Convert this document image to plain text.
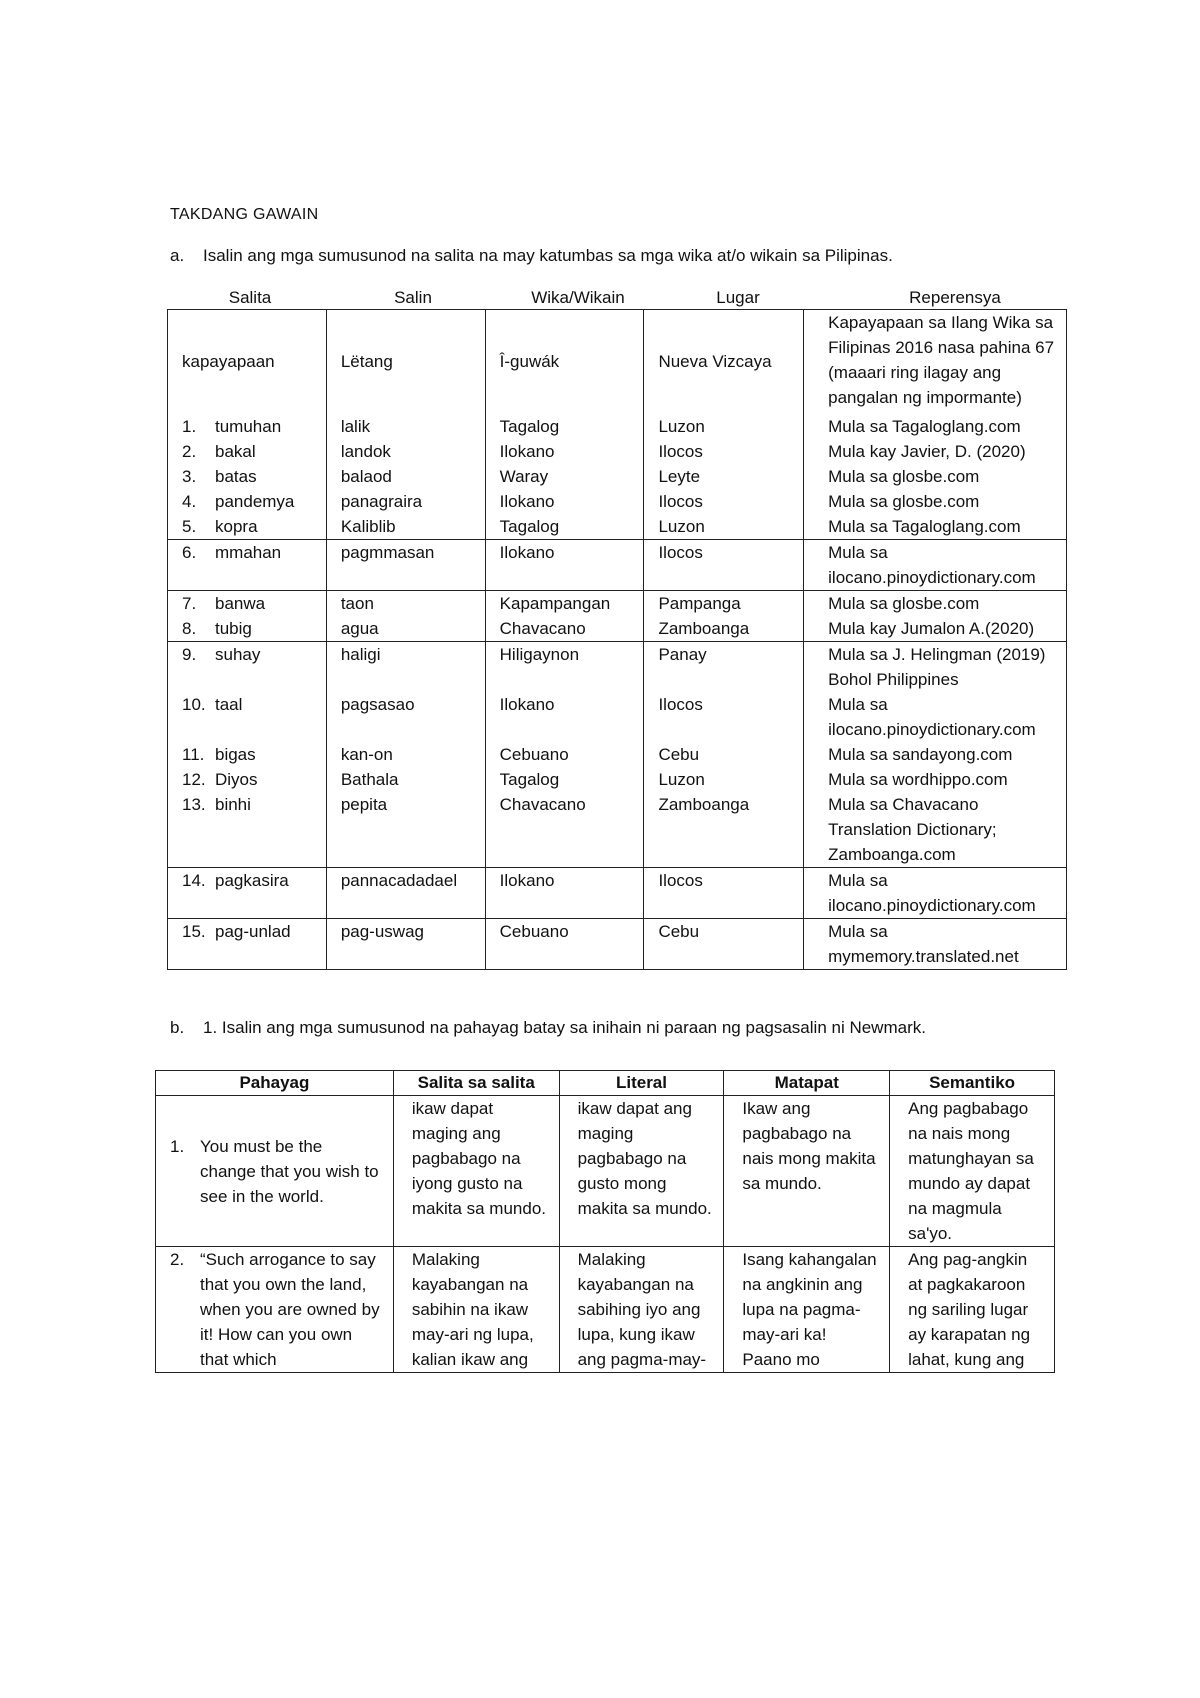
TAKDANG GAWAIN
a. Isalin ang mga sumusunod na salita na may katumbas sa mga wika at/o wikain sa Pilipinas.
Salita	Salin	Wika/Wikain	Lugar	Reperensya
kapayapaan	Lëtang	Î-guwák	Nueva Vizcaya	Kapayapaan sa Ilang Wika sa Filipinas 2016 nasa pahina 67 (maaari ring ilagay ang pangalan ng impormante)
1. tumuhan	lalik	Tagalog	Luzon	Mula sa Tagaloglang.com
2. bakal	landok	Ilokano	Ilocos	Mula kay Javier, D. (2020)
3. batas	balaod	Waray	Leyte	Mula sa glosbe.com
4. pandemya	panagraira	Ilokano	Ilocos	Mula sa glosbe.com
5. kopra	Kaliblib	Tagalog	Luzon	Mula sa Tagaloglang.com
6. mmahan	pagmmasan	Ilokano	Ilocos	Mula sa ilocano.pinoydictionary.com
7. banwa	taon	Kapampangan	Pampanga	Mula sa glosbe.com
8. tubig	agua	Chavacano	Zamboanga	Mula kay Jumalon A.(2020)
9. suhay	haligi	Hiligaynon	Panay	Mula sa J. Helingman (2019) Bohol Philippines
10. taal	pagsasao	Ilokano	Ilocos	Mula sa ilocano.pinoydictionary.com
11. bigas	kan-on	Cebuano	Cebu	Mula sa sandayong.com
12. Diyos	Bathala	Tagalog	Luzon	Mula sa wordhippo.com
13. binhi	pepita	Chavacano	Zamboanga	Mula sa Chavacano Translation Dictionary; Zamboanga.com
14. pagkasira	pannacadadael	Ilokano	Ilocos	Mula sa ilocano.pinoydictionary.com
15. pag-unlad	pag-uswag	Cebuano	Cebu	Mula sa mymemory.translated.net
b. 1. Isalin ang mga sumusunod na pahayag batay sa inihain ni paraan ng pagsasalin ni Newmark.
Pahayag	Salita sa salita	Literal	Matapat	Semantiko
1. You must be the change that you wish to see in the world.	ikaw dapat maging ang pagbabago na iyong gusto na makita sa mundo.	ikaw dapat ang maging pagbabago na gusto mong makita sa mundo.	Ikaw ang pagbabago na nais mong makita sa mundo.	Ang pagbabago na nais mong matunghayan sa mundo ay dapat na magmula sa'yo.
2. “Such arrogance to say that you own the land, when you are owned by it! How can you own that which	Malaking kayabangan na sabihin na ikaw may-ari ng lupa, kalian ikaw ang	Malaking kayabangan na sabihing iyo ang lupa, kung ikaw ang pagma-may-	Isang kahangalan na angkinin ang lupa na pagma-may-ari ka! Paano mo	Ang pag-angkin at pagkakaroon ng sariling lugar ay karapatan ng lahat, kung ang
